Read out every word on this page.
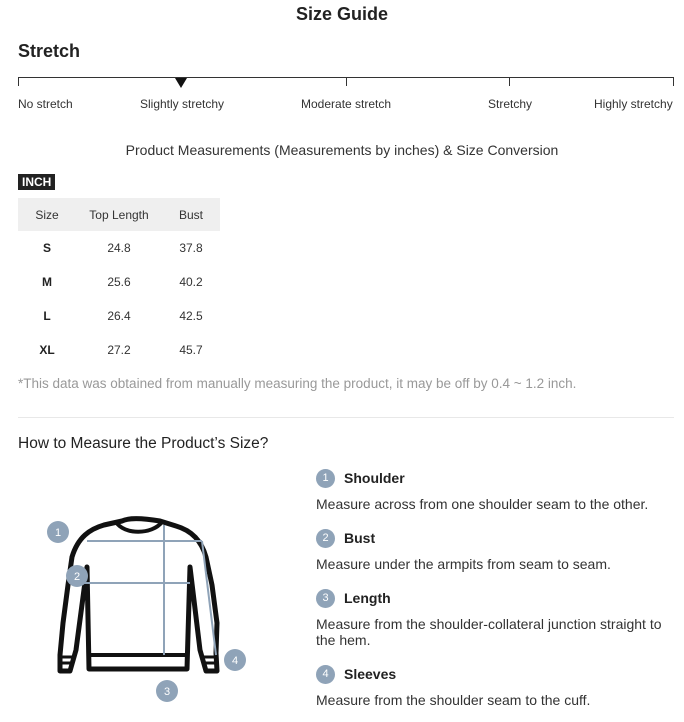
Size Guide
Stretch
No stretch	Slightly stretchy	Moderate stretch	Stretchy	Highly stretchy
Product Measurements (Measurements by inches) & Size Conversion
INCH
Size	Top Length	Bust
S	24.8	37.8
M	25.6	40.2
L	26.4	42.5
XL	27.2	45.7
*This data was obtained from manually measuring the product, it may be off by 0.4 ~ 1.2 inch.
How to Measure the Product’s Size?
1
2
3
4
1	Shoulder
Measure across from one shoulder seam to the other.
2	Bust
Measure under the armpits from seam to seam.
3	Length
Measure from the shoulder-collateral junction straight to the hem.
4	Sleeves
Measure from the shoulder seam to the cuff.
